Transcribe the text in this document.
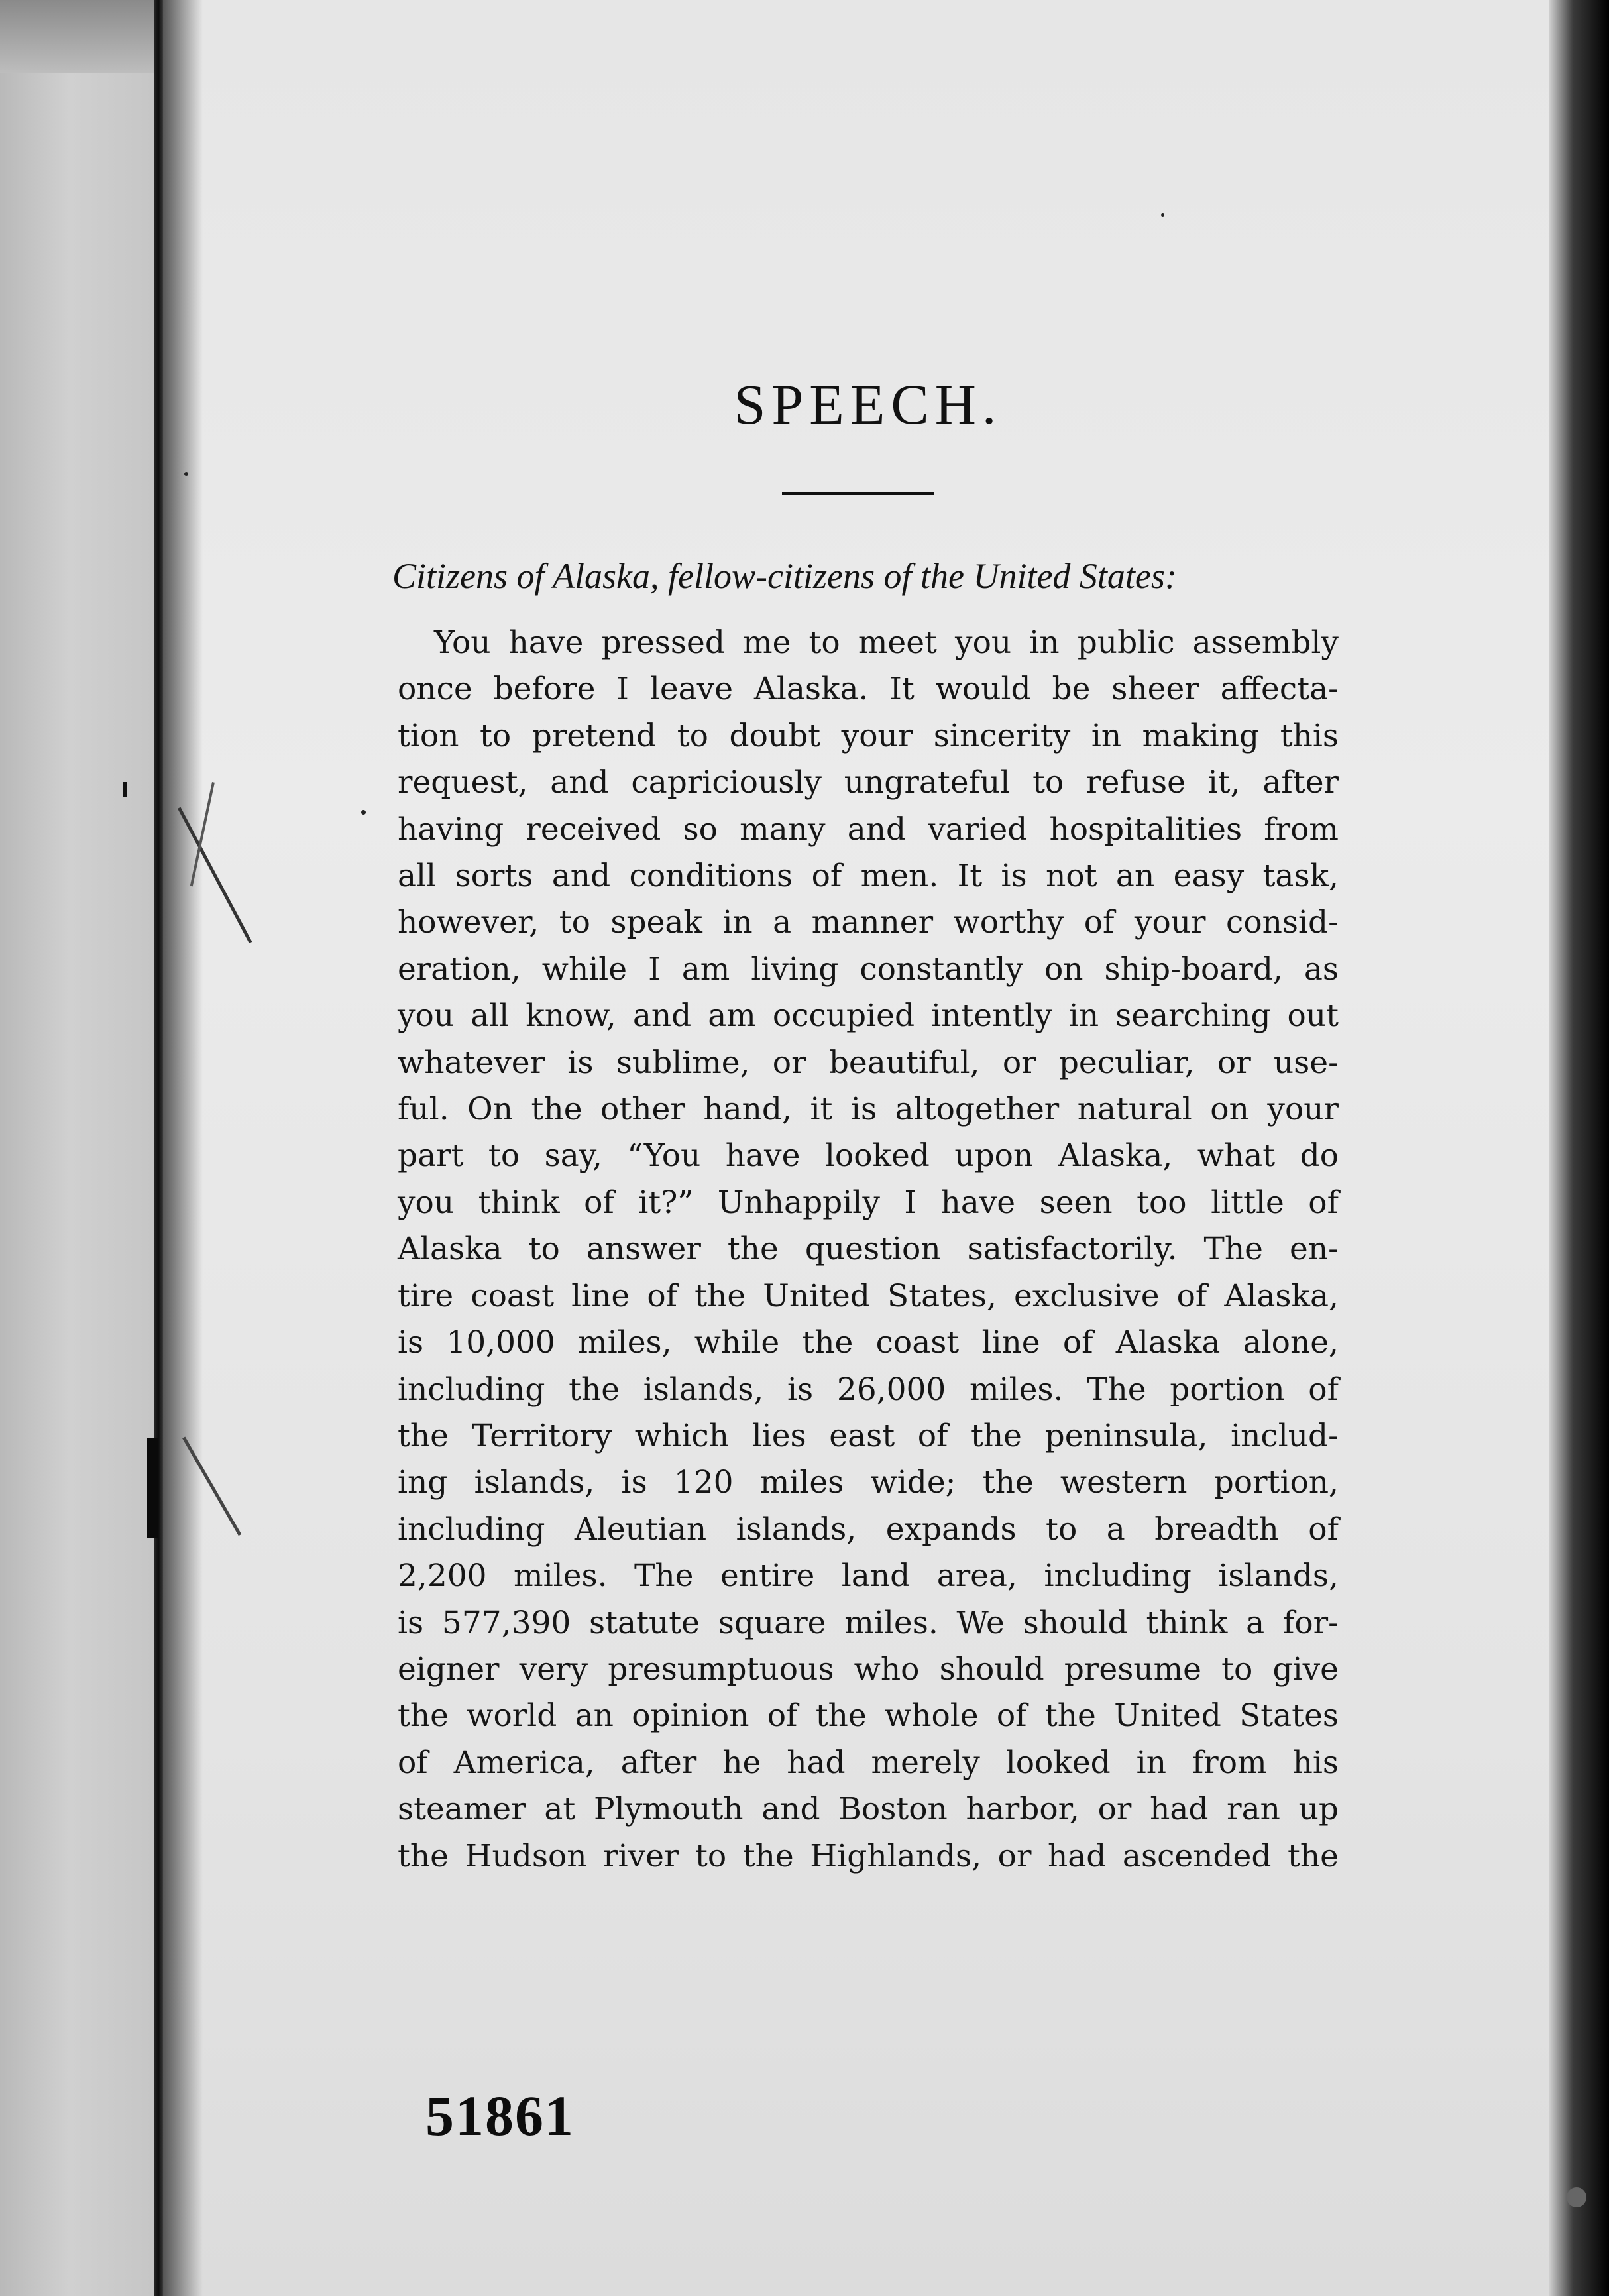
SPEECH.

Citizens of Alaska, fellow-citizens of the United States:

You have pressed me to meet you in public assembly
once before I leave Alaska. It would be sheer affecta-
tion to pretend to doubt your sincerity in making this
request, and capriciously ungrateful to refuse it, after
having received so many and varied hospitalities from
all sorts and conditions of men. It is not an easy task,
however, to speak in a manner worthy of your consid-
eration, while I am living constantly on ship-board, as
you all know, and am occupied intently in searching out
whatever is sublime, or beautiful, or peculiar, or use-
ful. On the other hand, it is altogether natural on your
part to say, “You have looked upon Alaska, what do
you think of it?” Unhappily I have seen too little of
Alaska to answer the question satisfactorily. The en-
tire coast line of the United States, exclusive of Alaska,
is 10,000 miles, while the coast line of Alaska alone,
including the islands, is 26,000 miles. The portion of
the Territory which lies east of the peninsula, includ-
ing islands, is 120 miles wide; the western portion,
including Aleutian islands, expands to a breadth of
2,200 miles. The entire land area, including islands,
is 577,390 statute square miles. We should think a for-
eigner very presumptuous who should presume to give
the world an opinion of the whole of the United States
of America, after he had merely looked in from his
steamer at Plymouth and Boston harbor, or had ran up
the Hudson river to the Highlands, or had ascended the

51861
